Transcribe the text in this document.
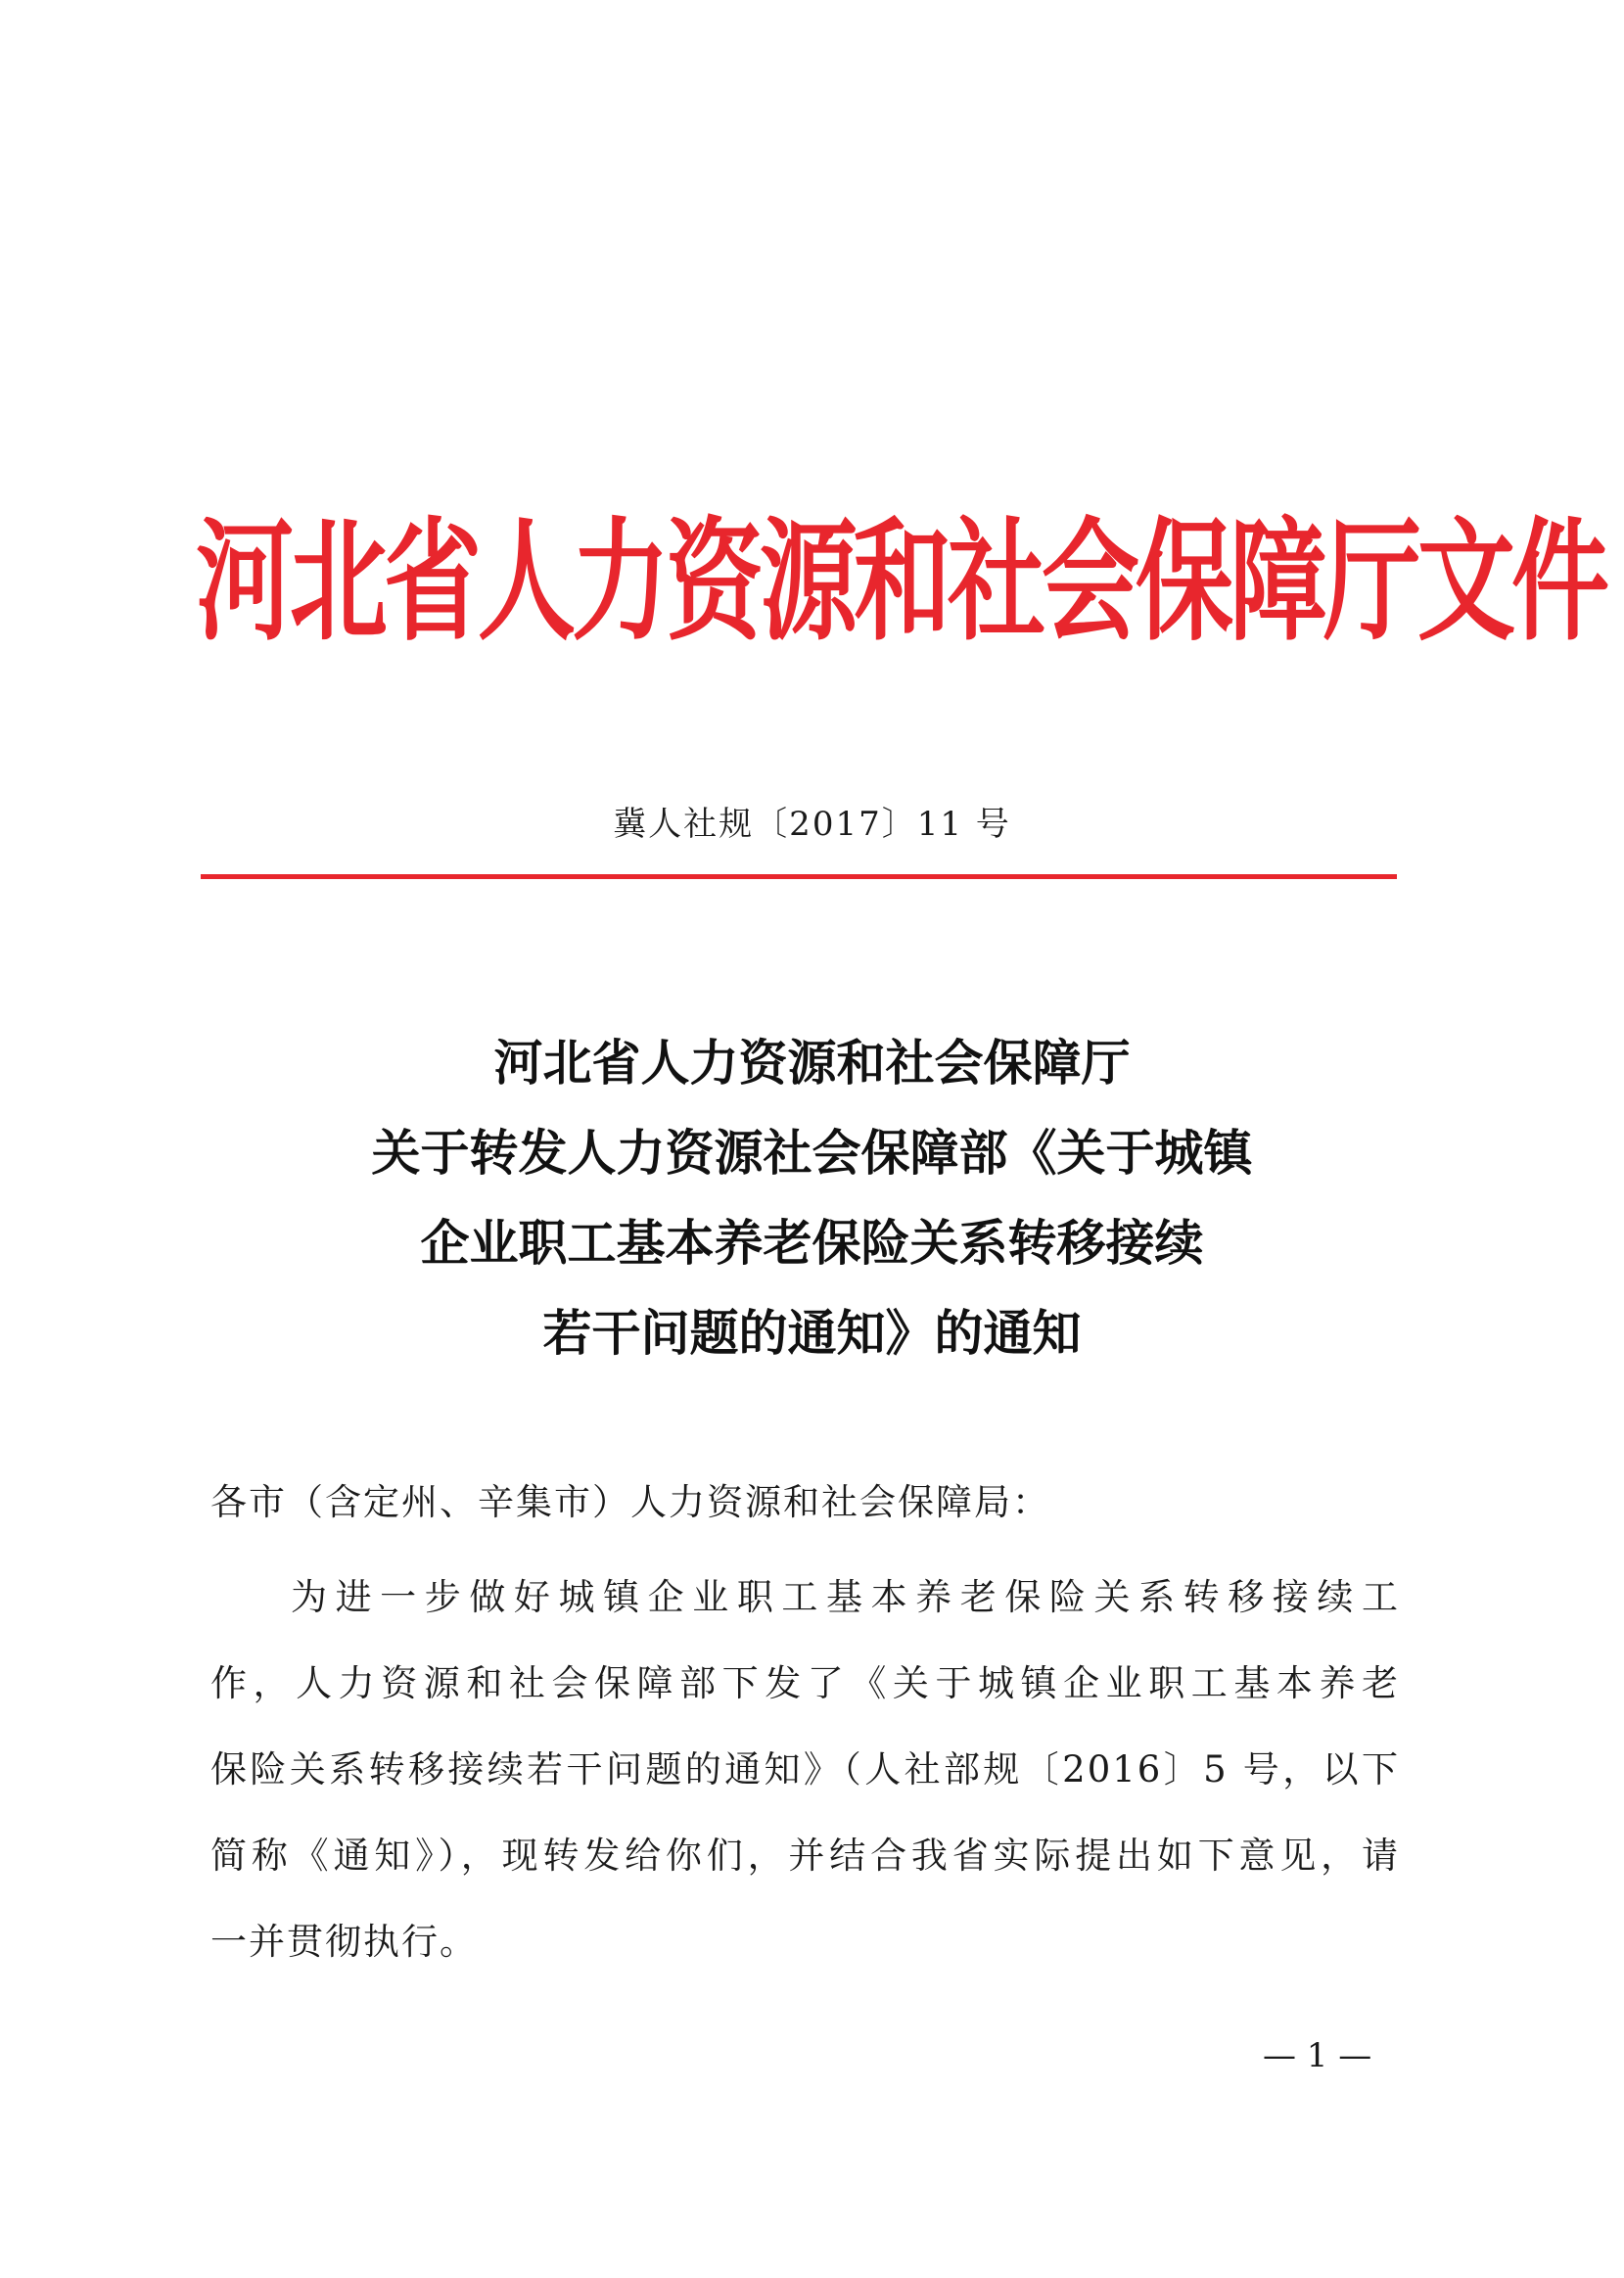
河北省人力资源和社会保障厅文件
冀人社规〔2017〕11 号
河北省人力资源和社会保障厅
关于转发人力资源社会保障部《关于城镇
企业职工基本养老保险关系转移接续
若干问题的通知》的通知
各市（含定州、辛集市）人力资源和社会保障局：
为进一步做好城镇企业职工基本养老保险关系转移接续工
作，人力资源和社会保障部下发了《关于城镇企业职工基本养老
保险关系转移接续若干问题的通知》（人社部规〔2016〕5 号，以下
简称《通知》），现转发给你们，并结合我省实际提出如下意见，请
一并贯彻执行。
— 1 —
